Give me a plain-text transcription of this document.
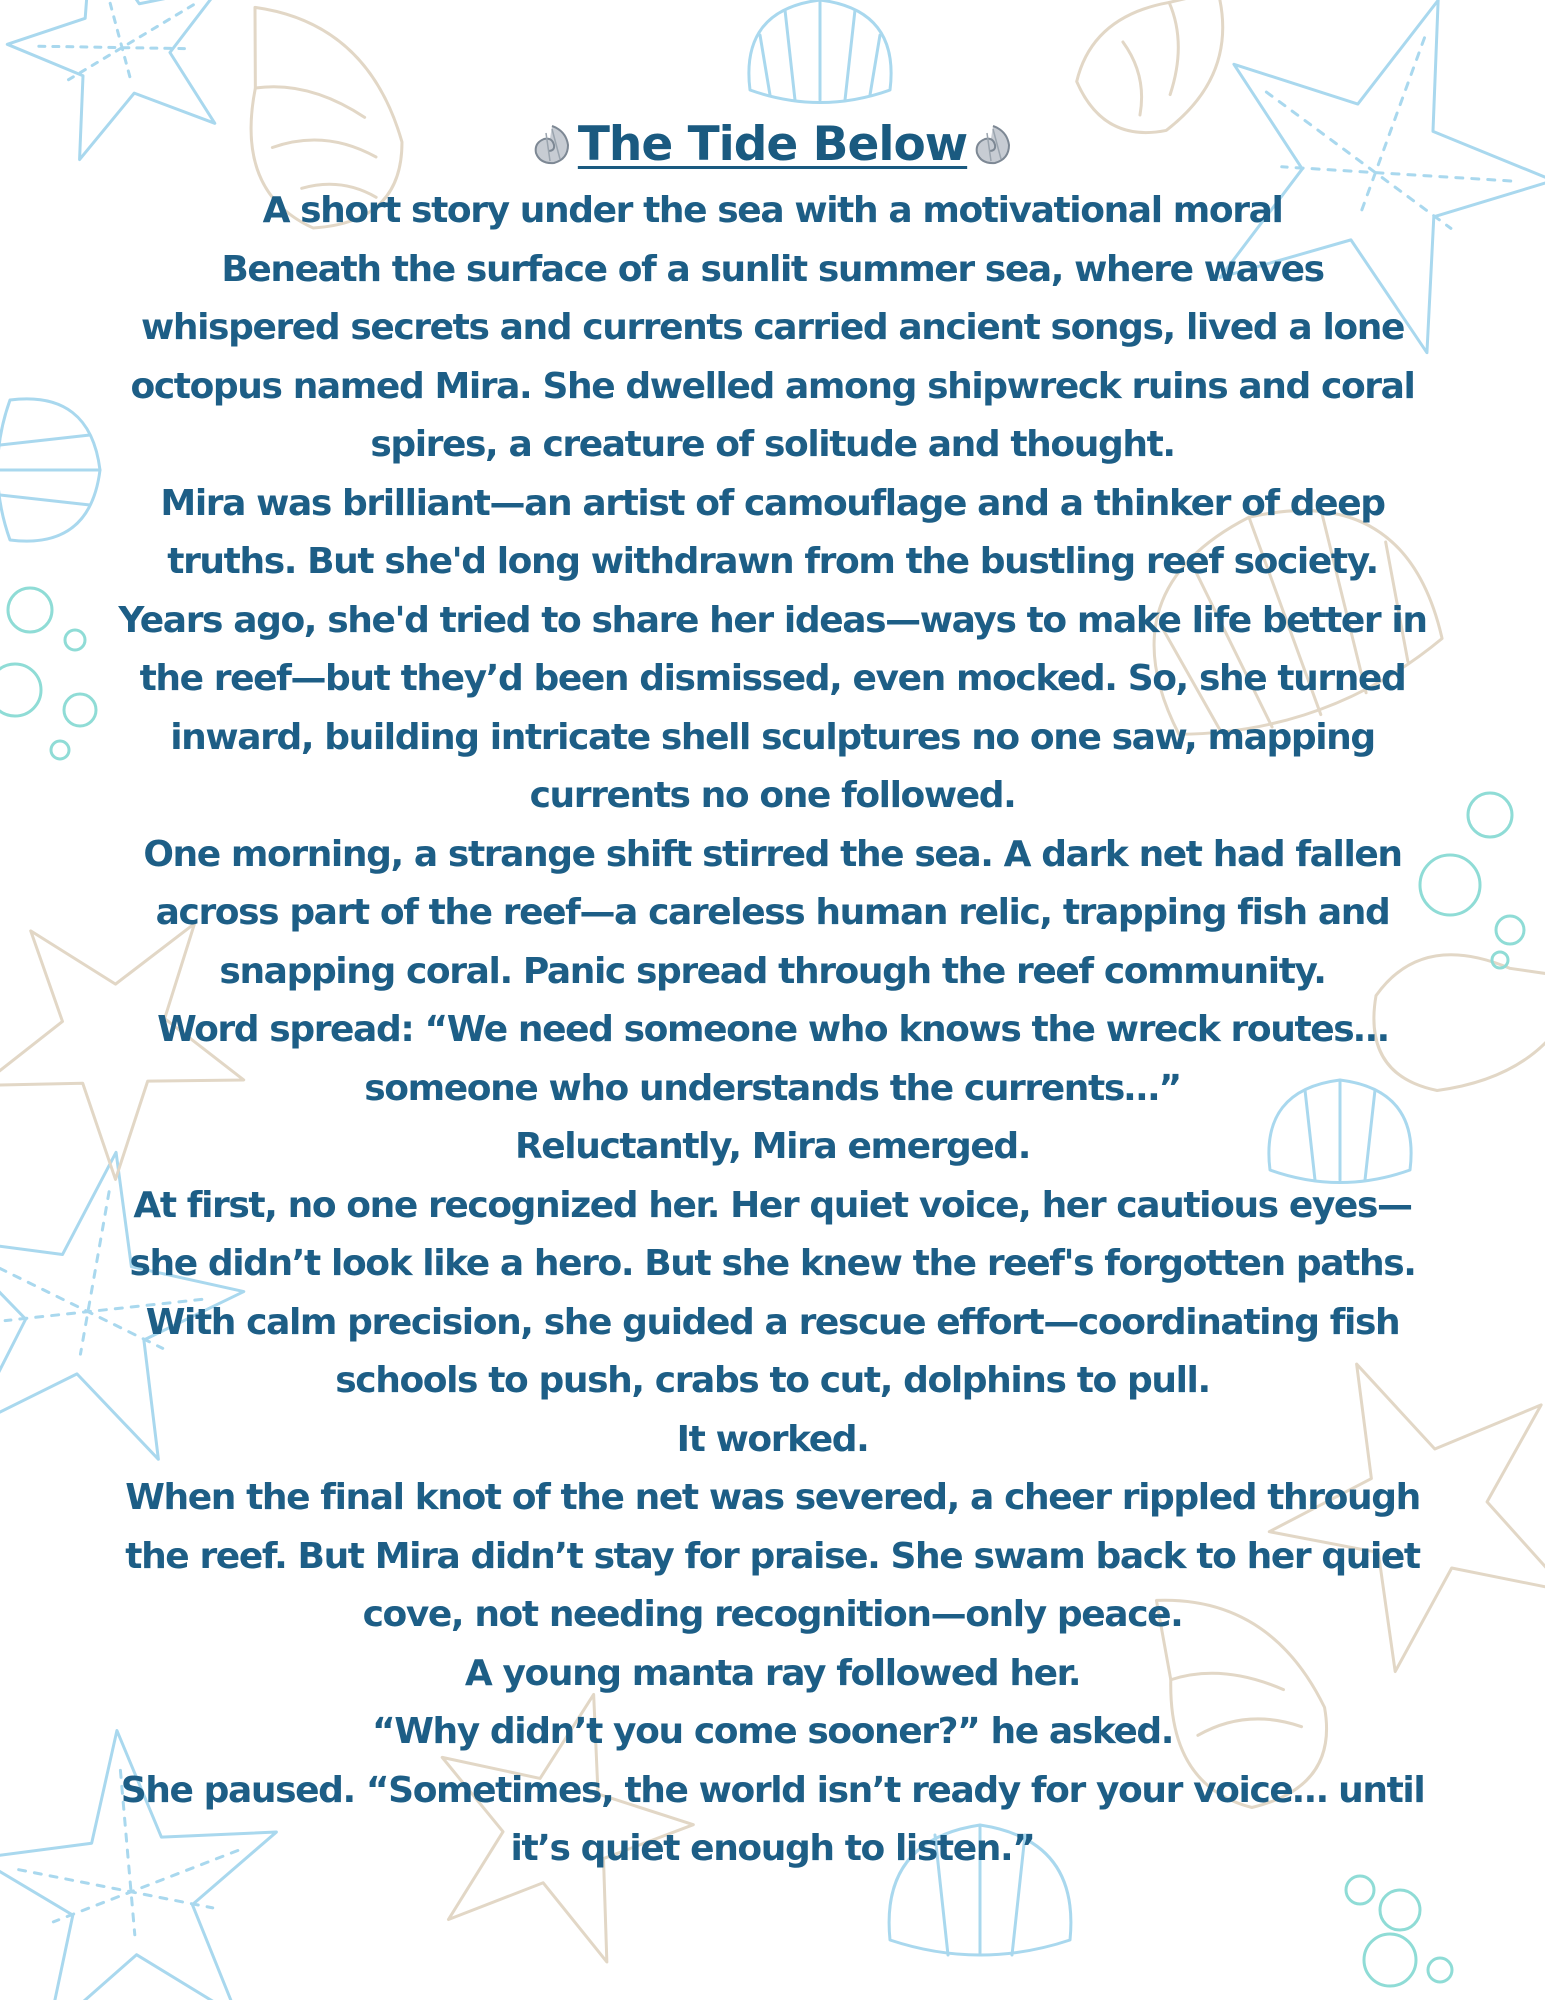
The Tide Below
A short story under the sea with a motivational moral
Beneath the surface of a sunlit summer sea, where waves
whispered secrets and currents carried ancient songs, lived a lone
octopus named Mira. She dwelled among shipwreck ruins and coral
spires, a creature of solitude and thought.
Mira was brilliant—an artist of camouflage and a thinker of deep
truths. But she'd long withdrawn from the bustling reef society.
Years ago, she'd tried to share her ideas—ways to make life better in
the reef—but they’d been dismissed, even mocked. So, she turned
inward, building intricate shell sculptures no one saw, mapping
currents no one followed.
One morning, a strange shift stirred the sea. A dark net had fallen
across part of the reef—a careless human relic, trapping fish and
snapping coral. Panic spread through the reef community.
Word spread: “We need someone who knows the wreck routes…
someone who understands the currents…”
Reluctantly, Mira emerged.
At first, no one recognized her. Her quiet voice, her cautious eyes—
she didn’t look like a hero. But she knew the reef's forgotten paths.
With calm precision, she guided a rescue effort—coordinating fish
schools to push, crabs to cut, dolphins to pull.
It worked.
When the final knot of the net was severed, a cheer rippled through
the reef. But Mira didn’t stay for praise. She swam back to her quiet
cove, not needing recognition—only peace.
A young manta ray followed her.
“Why didn’t you come sooner?” he asked.
She paused. “Sometimes, the world isn’t ready for your voice… until
it’s quiet enough to listen.”
